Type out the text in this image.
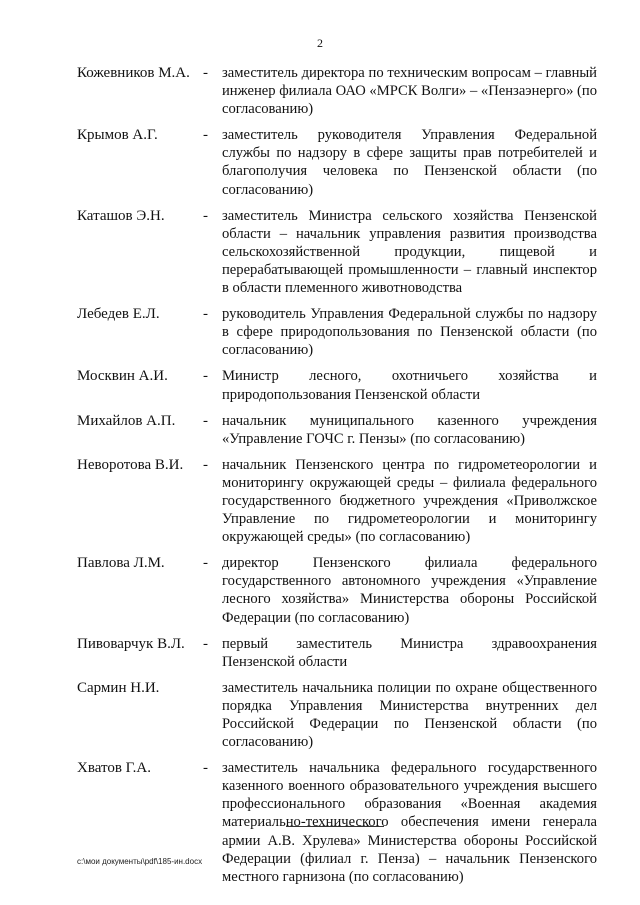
2
Кожевников М.А. - заместитель директора по техническим вопросам – главный инженер филиала ОАО «МРСК Волги» – «Пензаэнерго» (по согласованию)
Крымов А.Г.	- заместитель руководителя Управления Федеральной службы по надзору в сфере защиты прав потребителей и благополучия человека по Пензенской области (по согласованию)
Каташов Э.Н.	- заместитель Министра сельского хозяйства Пензенской области – начальник управления развития производства сельскохозяйственной продукции, пищевой и перерабатывающей промышленности – главный инспектор в области племенного животноводства
Лебедев Е.Л.	- руководитель Управления Федеральной службы по надзору в сфере природопользования по Пензенской области (по согласованию)
Москвин А.И.	- Министр лесного, охотничьего хозяйства и природопользования Пензенской области
Михайлов А.П.	- начальник муниципального казенного учреждения «Управление ГОЧС г. Пензы» (по согласованию)
Неворотова В.И.	- начальник Пензенского центра по гидрометеорологии и мониторингу окружающей среды – филиала федерального государственного бюджетного учреждения «Приволжское Управление по гидрометеорологии и мониторингу окружающей среды» (по согласованию)
Павлова Л.М.	- директор Пензенского филиала федерального государственного автономного учреждения «Управление лесного хозяйства» Министерства обороны Российской Федерации (по согласованию)
Пивоварчук В.Л.	- первый заместитель Министра здравоохранения Пензенской области
Сармин Н.И.	заместитель начальника полиции по охране общественного порядка Управления Министерства внутренних дел Российской Федерации по Пензенской области (по согласованию)
Хватов Г.А.	- заместитель начальника федерального государственного казенного военного образовательного учреждения высшего профессионального образования «Военная академия материально-технического обеспечения имени генерала армии А.В. Хрулева» Министерства обороны Российской Федерации (филиал г. Пенза) – начальник Пензенского местного гарнизона (по согласованию)
c:\мои документы\pdf\185-ин.docx
